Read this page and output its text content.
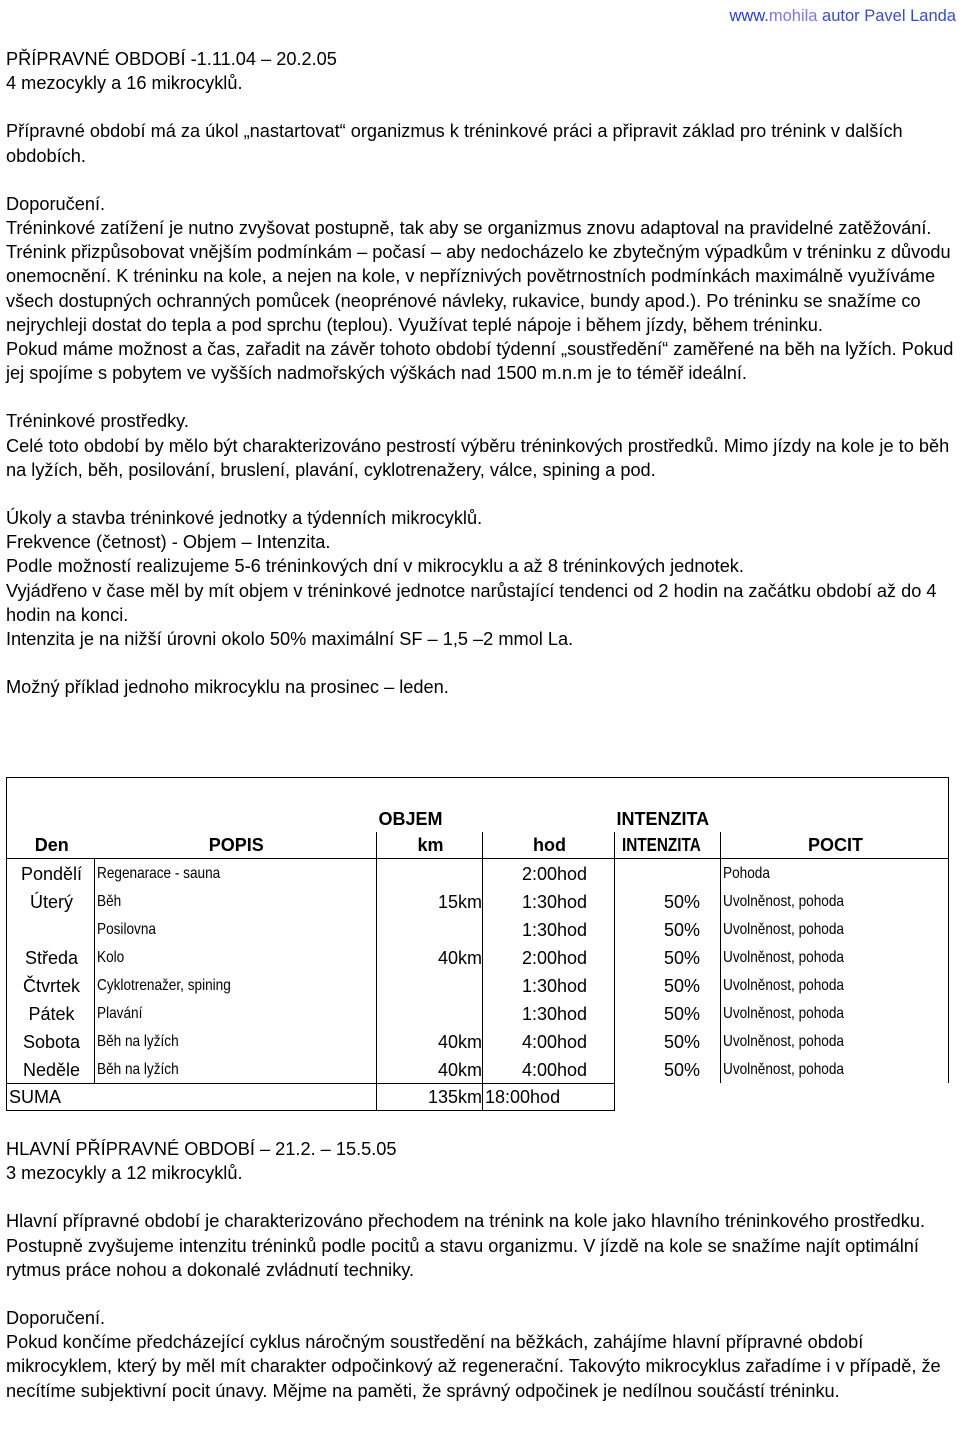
www.mohila autor Pavel Landa

PŘÍPRAVNÉ OBDOBÍ -1.11.04 – 20.2.05

4 mezocykly a 16 mikrocyklů.

Přípravné období má za úkol „nastartovat“ organizmus k tréninkové práci a připravit základ pro trénink v dalších obdobích.

Doporučení.

Tréninkové zatížení je nutno zvyšovat postupně, tak aby se organizmus znovu adaptoval na pravidelné zatěžování. Trénink přizpůsobovat vnějším podmínkám – počasí – aby nedocházelo ke zbytečným výpadkům v tréninku z důvodu onemocnění. K tréninku na kole, a nejen na kole, v nepříznivých povětrnostních podmínkách maximálně využíváme všech dostupných ochranných pomůcek (neoprénové návleky, rukavice, bundy apod.). Po tréninku se snažíme co nejrychleji dostat do tepla a pod sprchu (teplou). Využívat teplé nápoje i během jízdy, během tréninku.

Pokud máme možnost a čas, zařadit na závěr tohoto období týdenní „soustředění“ zaměřené na běh na lyžích. Pokud jej spojíme s pobytem ve vyšších nadmořských výškách nad 1500 m.n.m je to téměř ideální.

Tréninkové prostředky.

Celé toto období by mělo být charakterizováno pestrostí výběru tréninkových prostředků. Mimo jízdy na kole je to běh na lyžích, běh, posilování, bruslení, plavání, cyklotrenažery, válce, spining a pod.

Úkoly a stavba tréninkové jednotky a týdenních mikrocyklů.

Frekvence (četnost) - Objem – Intenzita.

Podle možností realizujeme 5-6 tréninkových dní v mikrocyklu a až 8 tréninkových jednotek.

Vyjádřeno v čase měl by mít objem v tréninkové jednotce narůstající tendenci od 2 hodin na začátku období až do 4 hodin na konci.

Intenzita je na nižší úrovni okolo 50% maximální SF – 1,5 –2 mmol La.

Možný příklad jednoho mikrocyklu na prosinec – leden.

		OBJEM		INTENZITA	
Den	POPIS	km	hod	INTENZITA	POCIT
Pondělí	Regenarace - sauna		2:00hod		Pohoda
Úterý	Běh	15km	1:30hod	50%	Uvolněnost, pohoda
	Posilovna		1:30hod	50%	Uvolněnost, pohoda
Středa	Kolo	40km	2:00hod	50%	Uvolněnost, pohoda
Čtvrtek	Cyklotrenažer, spining		1:30hod	50%	Uvolněnost, pohoda
Pátek	Plavání		1:30hod	50%	Uvolněnost, pohoda
Sobota	Běh na lyžích	40km	4:00hod	50%	Uvolněnost, pohoda
Neděle	Běh na lyžích	40km	4:00hod	50%	Uvolněnost, pohoda
SUMA		135km	18:00hod		

HLAVNÍ PŘÍPRAVNÉ OBDOBÍ – 21.2. – 15.5.05

3 mezocykly a 12 mikrocyklů.

Hlavní přípravné období je charakterizováno přechodem na trénink na kole jako hlavního tréninkového prostředku.

Postupně zvyšujeme intenzitu tréninků podle pocitů a stavu organizmu. V jízdě na kole se snažíme najít optimální rytmus práce nohou a dokonalé zvládnutí techniky.

Doporučení.

Pokud končíme předcházející cyklus náročným soustředění na běžkách, zahájíme hlavní přípravné období mikrocyklem, který by měl mít charakter odpočinkový až regenerační. Takovýto mikrocyklus zařadíme i v případě, že necítíme subjektivní pocit únavy. Mějme na paměti, že správný odpočinek je nedílnou součástí tréninku.
